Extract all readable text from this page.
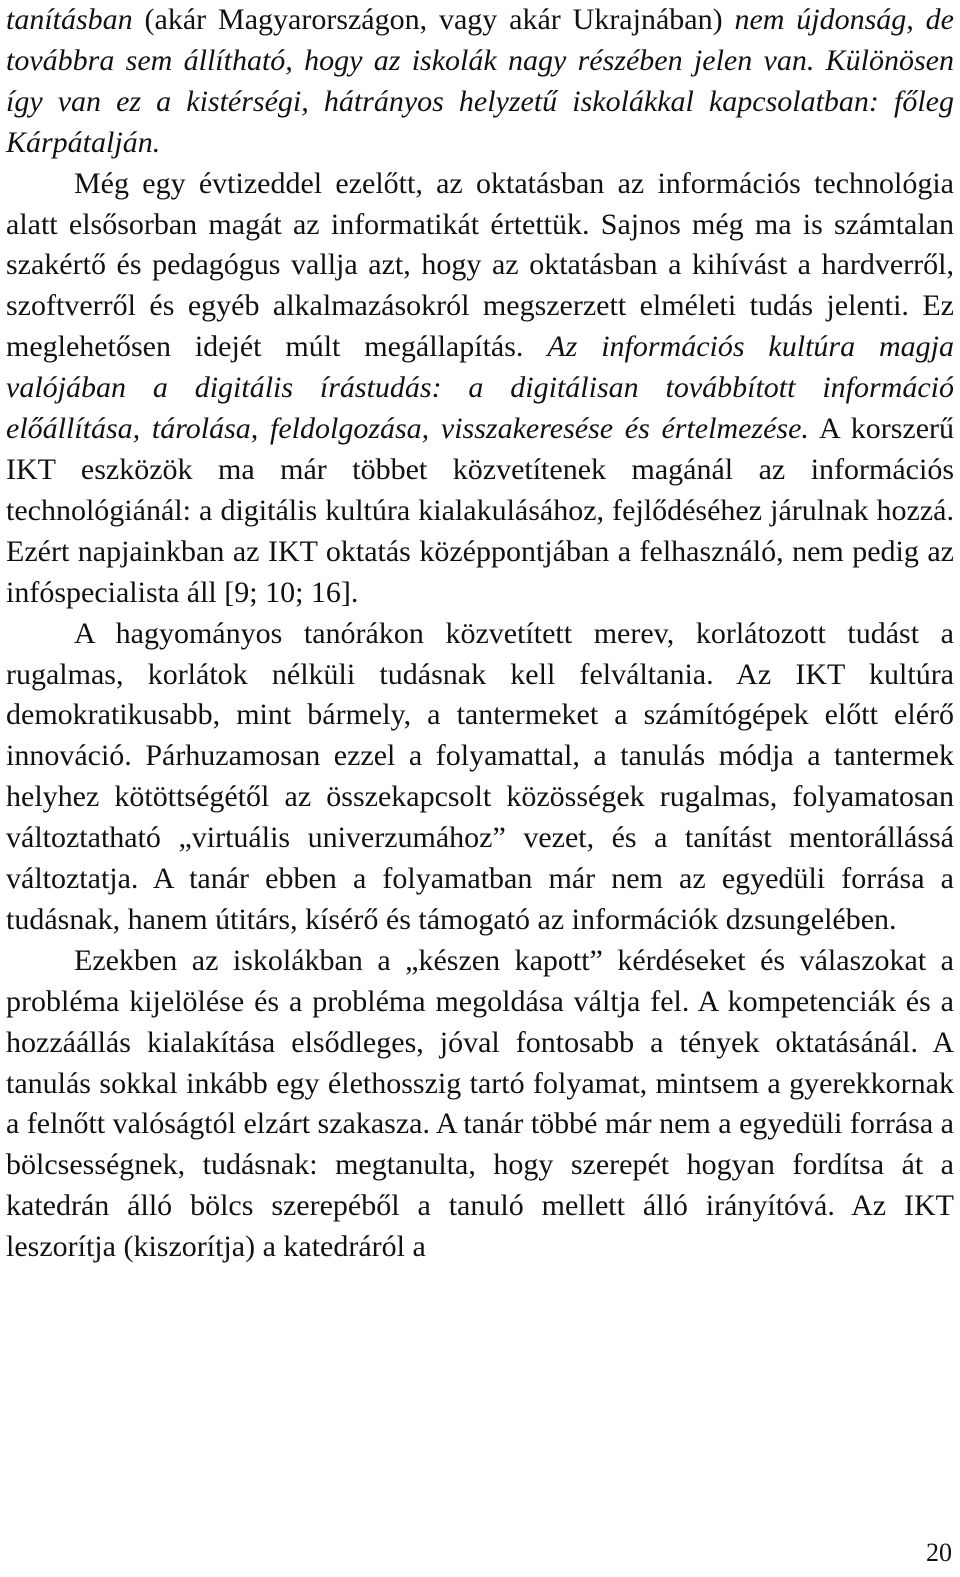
tanításban (akár Magyarországon, vagy akár Ukrajnában) nem újdonság, de továbbra sem állítható, hogy az iskolák nagy részében jelen van. Különösen így van ez a kistérségi, hátrányos helyzetű iskolákkal kapcsolatban: főleg Kárpátalján.

Még egy évtizeddel ezelőtt, az oktatásban az információs technológia alatt elsősorban magát az informatikát értettük. Sajnos még ma is számtalan szakértő és pedagógus vallja azt, hogy az oktatásban a kihívást a hardverről, szoftverről és egyéb alkalmazásokról megszerzett elméleti tudás jelenti. Ez meglehetősen idejét múlt megállapítás. Az információs kultúra magja valójában a digitális írástudás: a digitálisan továbbított információ előállítása, tárolása, feldolgozása, visszakeresése és értelmezése. A korszerű IKT eszközök ma már többet közvetítenek magánál az információs technológiánál: a digitális kultúra kialakulásához, fejlődéséhez járulnak hozzá. Ezért napjainkban az IKT oktatás középpontjában a felhasználó, nem pedig az infóspecialista áll [9; 10; 16].

A hagyományos tanórákon közvetített merev, korlátozott tudást a rugalmas, korlátok nélküli tudásnak kell felváltania. Az IKT kultúra demokratikusabb, mint bármely, a tantermeket a számítógépek előtt elérő innováció. Párhuzamosan ezzel a folyamattal, a tanulás módja a tantermek helyhez kötöttségétől az összekapcsolt közösségek rugalmas, folyamatosan változtatható „virtuális univerzumához” vezet, és a tanítást mentorállássá változtatja. A tanár ebben a folyamatban már nem az egyedüli forrása a tudásnak, hanem útitárs, kísérő és támogató az információk dzsungelében.

Ezekben az iskolákban a „készen kapott” kérdéseket és válaszokat a probléma kijelölése és a probléma megoldása váltja fel. A kompetenciák és a hozzáállás kialakítása elsődleges, jóval fontosabb a tények oktatásánál. A tanulás sokkal inkább egy élethosszig tartó folyamat, mintsem a gyerekkornak a felnőtt valóságtól elzárt szakasza. A tanár többé már nem a egyedüli forrása a bölcsességnek, tudásnak: megtanulta, hogy szerepét hogyan fordítsa át a katedrán álló bölcs szerepéből a tanuló mellett álló irányítóvá. Az IKT leszorítja (kiszorítja) a katedráról a

20
